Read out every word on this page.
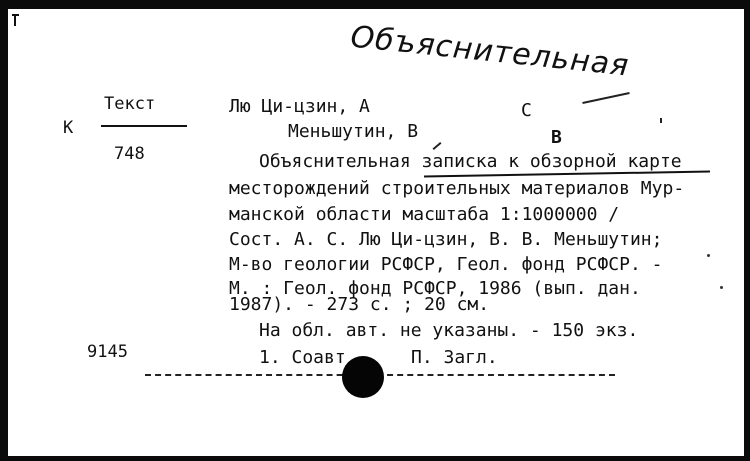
Объяснительная
Текст
К
748
Лю Ци-цзин, А	С
Меньшутин, В	В
Объяснительная записка к обзорной карте
месторождений строительных материалов Мур-
манской области масштаба 1:1000000 /
Сост. А. С. Лю Ци-цзин, В. В. Меньшутин;
М-во геологии РСФСР, Геол. фонд РСФСР. -
М. : Геол. фонд РСФСР, 1986 (вып. дан.
1987). - 273 с. ; 20 см.
На обл. авт. не указаны. - 150 экз.
9145	1. Соавт	П. Загл.
